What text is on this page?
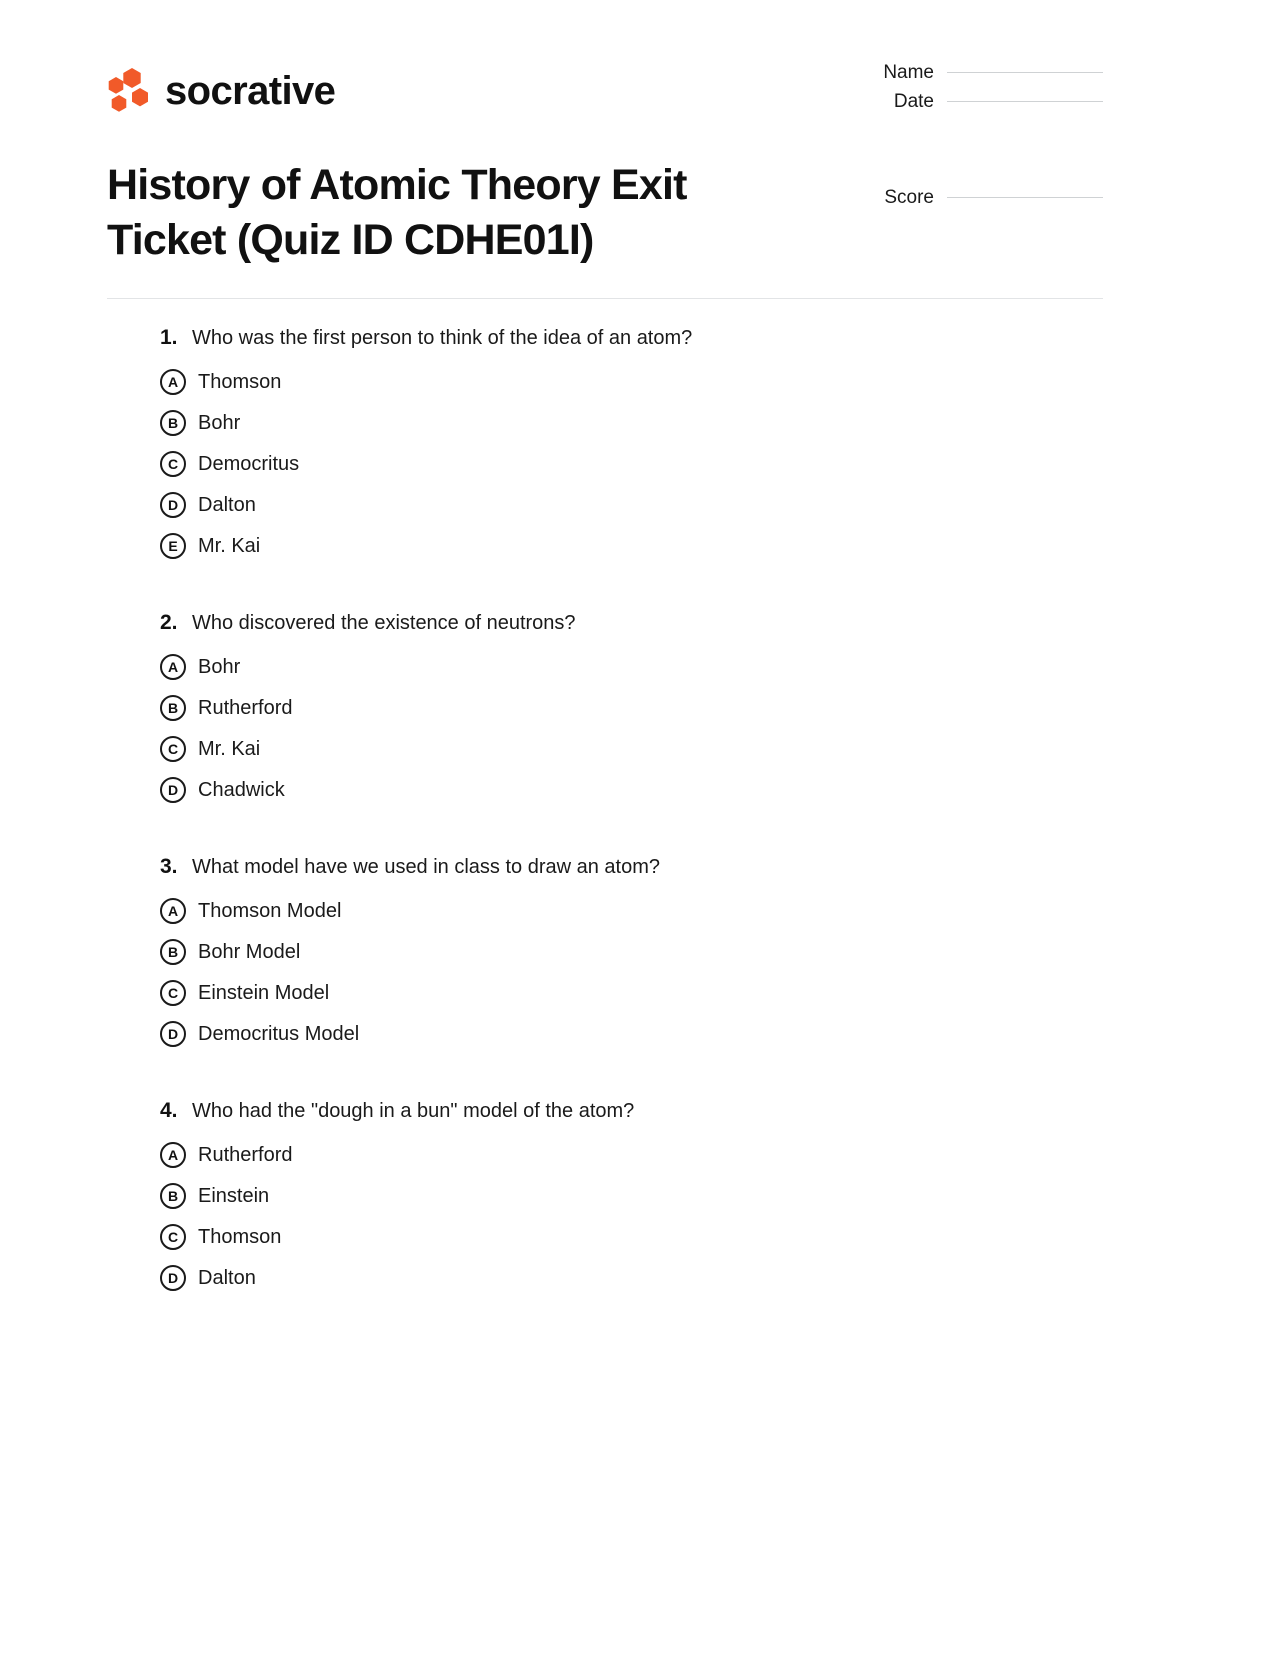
socrative	Name
Date
Score
History of Atomic Theory Exit Ticket (Quiz ID CDHE01I)
1. Who was the first person to think of the idea of an atom?
A Thomson
B Bohr
C Democritus
D Dalton
E	Mr. Kai
2. Who discovered the existence of neutrons?
A Bohr
B Rutherford
C Mr. Kai
D Chadwick
3. What model have we used in class to draw an atom?
A Thomson Model
B Bohr Model
C Einstein Model
D Democritus Model
4. Who had the "dough in a bun" model of the atom?
A Rutherford
B Einstein
C Thomson
D Dalton
